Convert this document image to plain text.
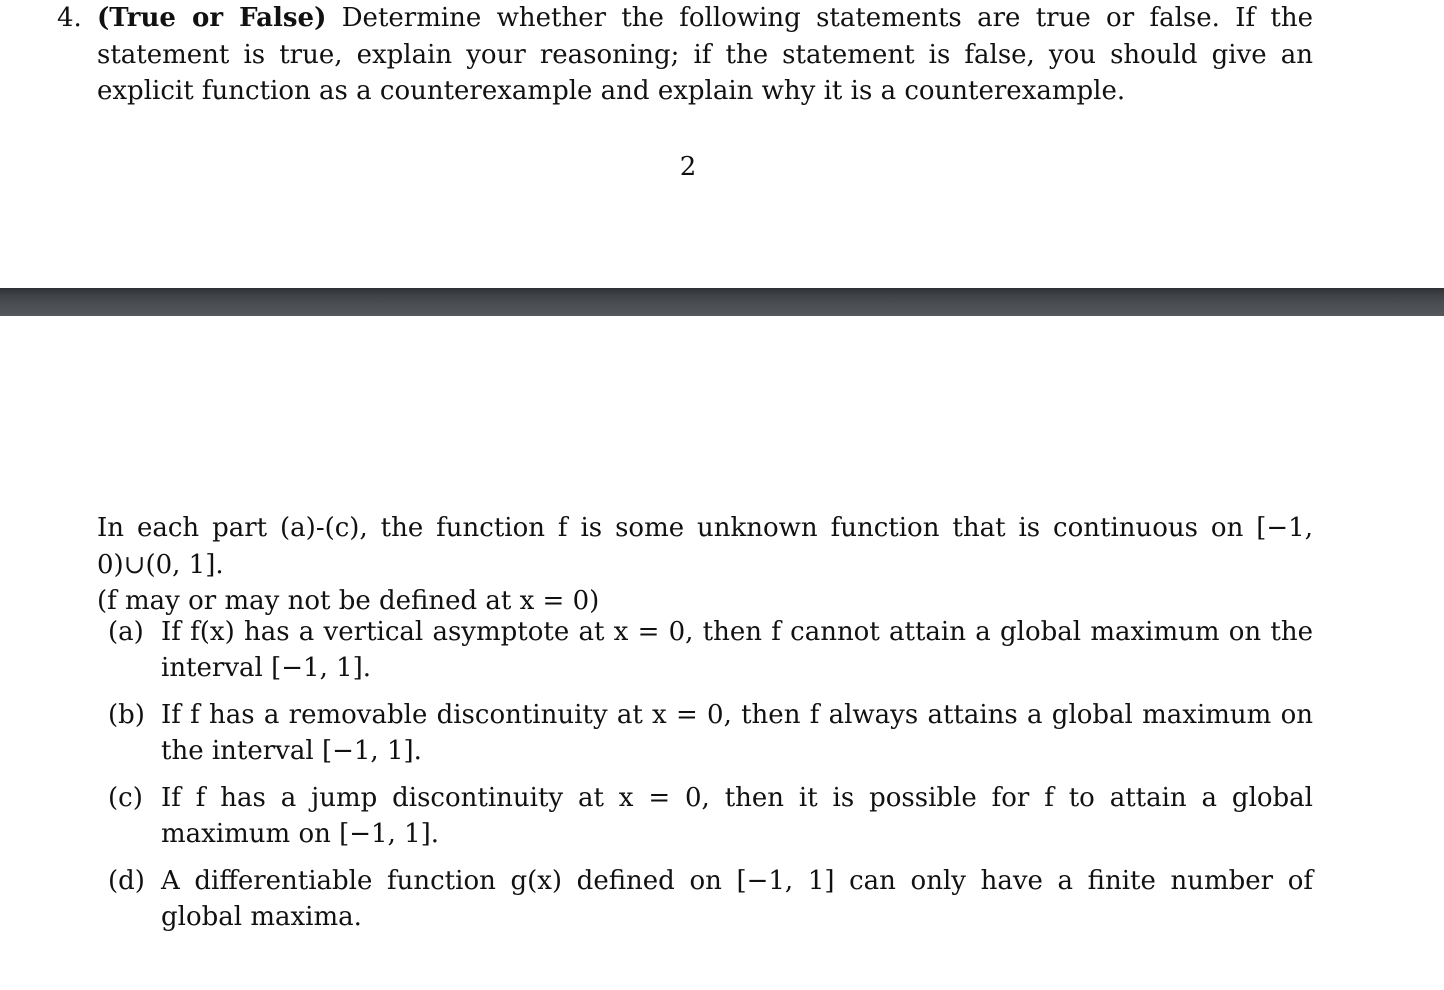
4. (True or False) Determine whether the following statements are true or false. If the statement is true, explain your reasoning; if the statement is false, you should give an explicit function as a counterexample and explain why it is a counterexample.
2
In each part (a)-(c), the function f is some unknown function that is continuous on [−1, 0)∪(0, 1].
(f may or may not be defined at x = 0)
(a) If f(x) has a vertical asymptote at x = 0, then f cannot attain a global maximum on the interval [−1, 1].
(b) If f has a removable discontinuity at x = 0, then f always attains a global maximum on the interval [−1, 1].
(c) If f has a jump discontinuity at x = 0, then it is possible for f to attain a global maximum on [−1, 1].
(d) A differentiable function g(x) defined on [−1, 1] can only have a finite number of global maxima.
